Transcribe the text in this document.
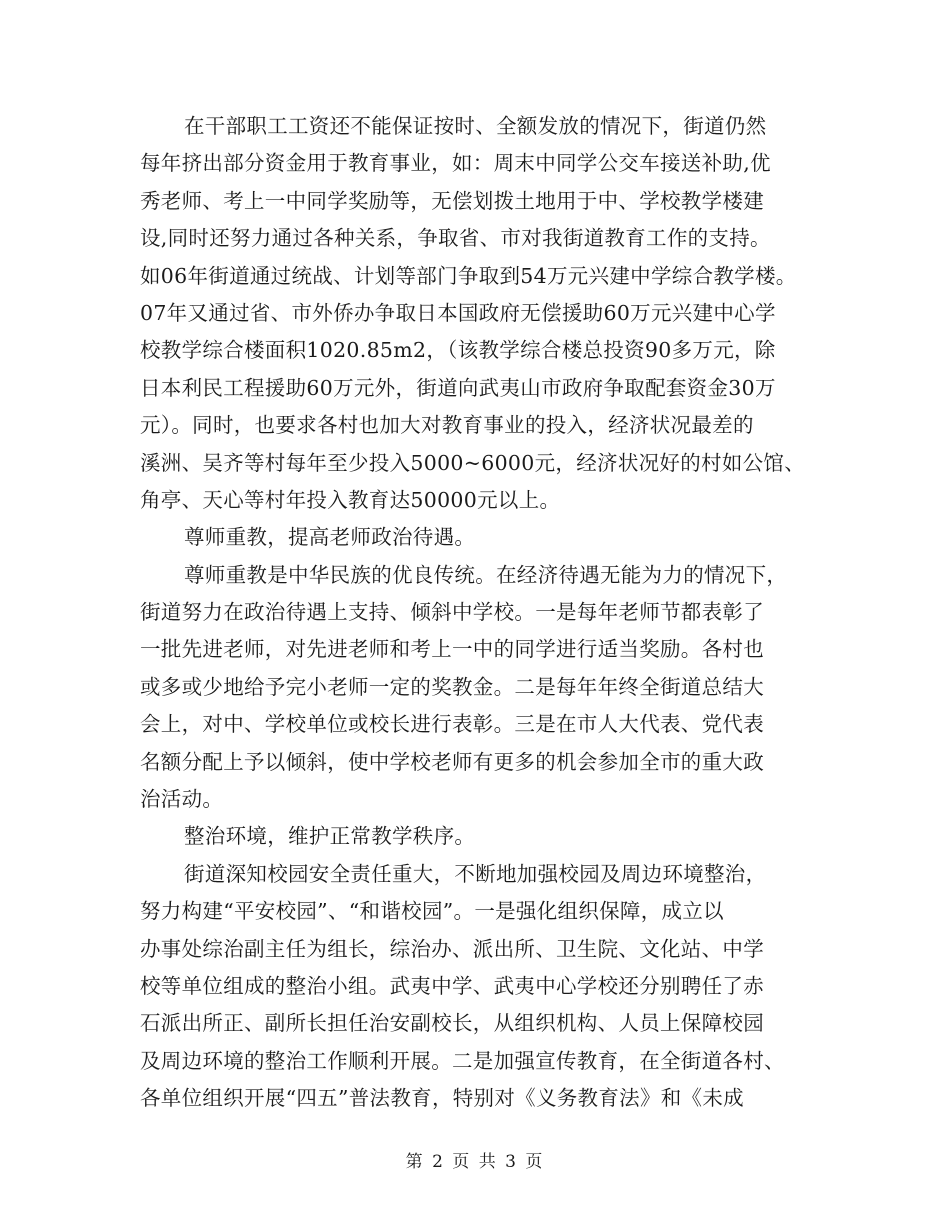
在干部职工工资还不能保证按时、全额发放的情况下，街道仍然
每年挤出部分资金用于教育事业，如：周末中同学公交车接送补助,优
秀老师、考上一中同学奖励等，无偿划拨土地用于中、学校教学楼建
设,同时还努力通过各种关系，争取省、市对我街道教育工作的支持。
如06年街道通过统战、计划等部门争取到54万元兴建中学综合教学楼。
07年又通过省、市外侨办争取日本国政府无偿援助60万元兴建中心学
校教学综合楼面积1020.85m2，（该教学综合楼总投资90多万元，除
日本利民工程援助60万元外，街道向武夷山市政府争取配套资金30万
元）。同时，也要求各村也加大对教育事业的投入，经济状况最差的
溪洲、吴齐等村每年至少投入5000~6000元，经济状况好的村如公馆、
角亭、天心等村年投入教育达50000元以上。
尊师重教，提高老师政治待遇。
尊师重教是中华民族的优良传统。在经济待遇无能为力的情况下，
街道努力在政治待遇上支持、倾斜中学校。一是每年老师节都表彰了
一批先进老师，对先进老师和考上一中的同学进行适当奖励。各村也
或多或少地给予完小老师一定的奖教金。二是每年年终全街道总结大
会上，对中、学校单位或校长进行表彰。三是在市人大代表、党代表
名额分配上予以倾斜，使中学校老师有更多的机会参加全市的重大政
治活动。
整治环境，维护正常教学秩序。
街道深知校园安全责任重大，不断地加强校园及周边环境整治，
努力构建“平安校园”、“和谐校园”。一是强化组织保障，成立以
办事处综治副主任为组长，综治办、派出所、卫生院、文化站、中学
校等单位组成的整治小组。武夷中学、武夷中心学校还分别聘任了赤
石派出所正、副所长担任治安副校长，从组织机构、人员上保障校园
及周边环境的整治工作顺利开展。二是加强宣传教育，在全街道各村、
各单位组织开展“四五”普法教育，特别对《义务教育法》和《未成
第 2 页 共 3 页
